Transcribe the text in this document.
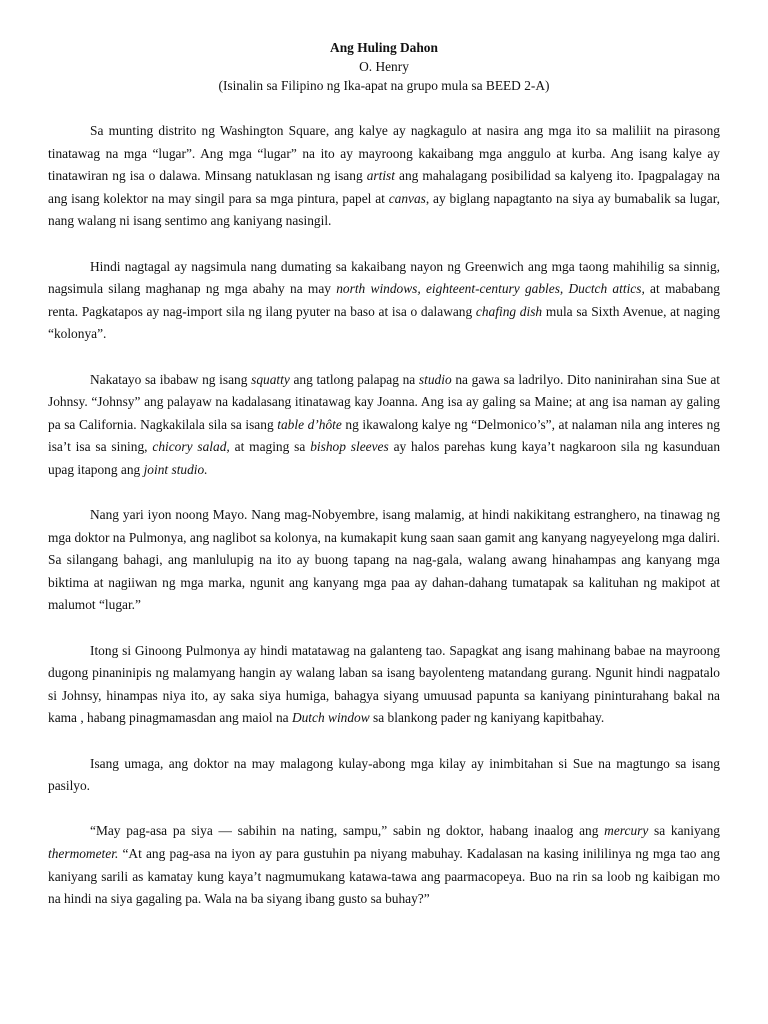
Ang Huling Dahon
O. Henry
(Isinalin sa Filipino ng Ika-apat na grupo mula sa BEED 2-A)

Sa munting distrito ng Washington Square, ang kalye ay nagkagulo at nasira ang mga ito sa maliliit na pirasong tinatawag na mga “lugar”. Ang mga “lugar” na ito ay mayroong kakaibang mga anggulo at kurba. Ang isang kalye ay tinatawiran ng isa o dalawa. Minsang natuklasan ng isang artist ang mahalagang posibilidad sa kalyeng ito. Ipagpalagay na ang isang kolektor na may singil para sa mga pintura, papel at canvas, ay biglang napagtanto na siya ay bumabalik sa lugar, nang walang ni isang sentimo ang kaniyang nasingil.

Hindi nagtagal ay nagsimula nang dumating sa kakaibang nayon ng Greenwich ang mga taong mahihilig sa sinnig, nagsimula silang maghanap ng mga abahy na may north windows, eighteent-century gables, Ductch attics, at mababang renta. Pagkatapos ay nag-import sila ng ilang pyuter na baso at isa o dalawang chafing dish mula sa Sixth Avenue, at naging “kolonya”.

Nakatayo sa ibabaw ng isang squatty ang tatlong palapag na studio na gawa sa ladrilyo. Dito naninirahan sina Sue at Johnsy. “Johnsy” ang palayaw na kadalasang itinatawag kay Joanna. Ang isa ay galing sa Maine; at ang isa naman ay galing pa sa California. Nagkakilala sila sa isang table d’hôte ng ikawalong kalye ng “Delmonico’s”, at nalaman nila ang interes ng isa’t isa sa sining, chicory salad, at maging sa bishop sleeves ay halos parehas kung kaya’t nagkaroon sila ng kasunduan upag itapong ang joint studio.

Nang yari iyon noong Mayo. Nang mag-Nobyembre, isang malamig, at hindi nakikitang estranghero, na tinawag ng mga doktor na Pulmonya, ang naglibot sa kolonya, na kumakapit kung saan saan gamit ang kanyang nagyeyelong mga daliri. Sa silangang bahagi, ang manlulupig na ito ay buong tapang na nag-gala, walang awang hinahampas ang kanyang mga biktima at nagiiwan ng mga marka, ngunit ang kanyang mga paa ay dahan-dahang tumatapak sa kalituhan ng makipot at malumot “lugar.”

Itong si Ginoong Pulmonya ay hindi matatawag na galanteng tao. Sapagkat ang isang mahinang babae na mayroong dugong pinaninipis ng malamyang hangin ay walang laban sa isang bayolenteng matandang gurang. Ngunit hindi nagpatalo si Johnsy, hinampas niya ito, ay saka siya humiga, bahagya siyang umuusad papunta sa kaniyang pininturahang bakal na kama , habang pinagmamasdan ang maiol na Dutch window sa blankong pader ng kaniyang kapitbahay.

Isang umaga, ang doktor na may malagong kulay-abong mga kilay ay inimbitahan si Sue na magtungo sa isang pasilyo.

“May pag-asa pa siya — sabihin na nating, sampu,” sabin ng doktor, habang inaalog ang mercury sa kaniyang thermometer. “At ang pag-asa na iyon ay para gustuhin pa niyang mabuhay. Kadalasan na kasing inililinya ng mga tao ang kaniyang sarili as kamatay kung kaya’t nagmumukang katawa-tawa ang paarmacopeya. Buo na rin sa loob ng kaibigan mo na hindi na siya gagaling pa. Wala na ba siyang ibang gusto sa buhay?”
